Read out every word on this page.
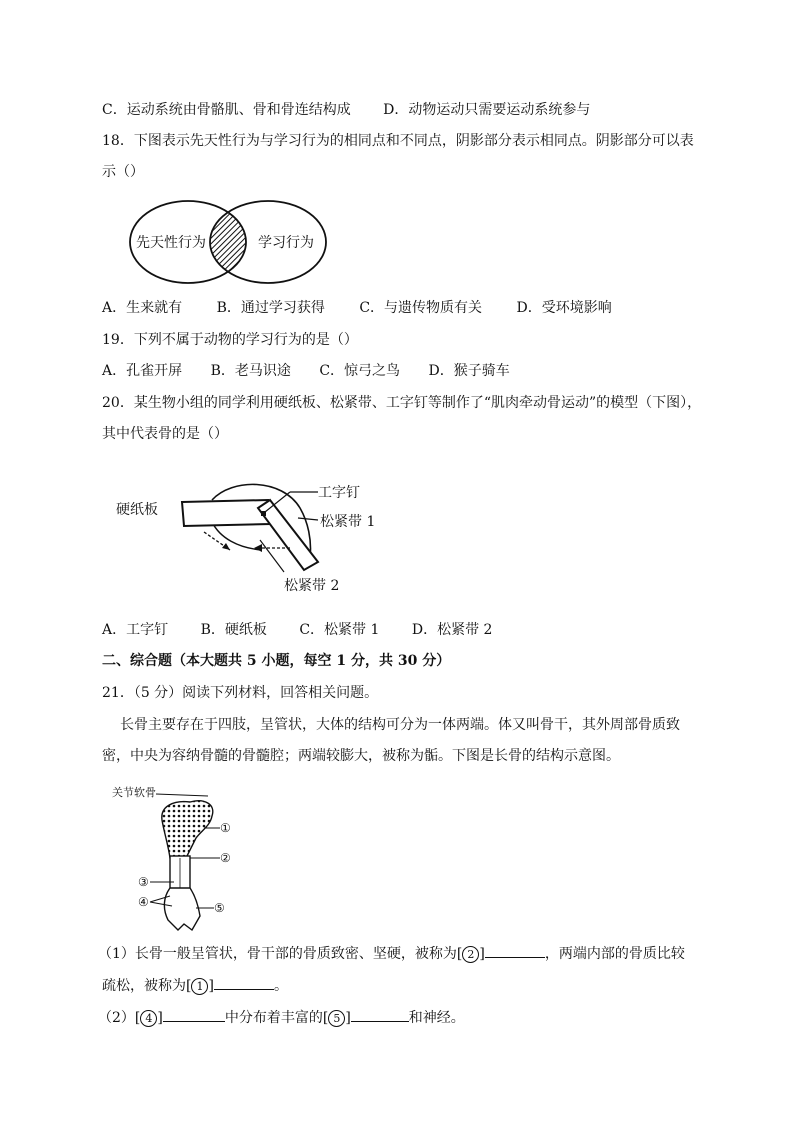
C．运动系统由骨骼肌、骨和骨连结构成 D．动物运动只需要运动系统参与
18．下图表示先天性行为与学习行为的相同点和不同点，阴影部分表示相同点。阴影部分可以表
示（）
先天性行为	学习行为
A．生来就有 B．通过学习获得 C．与遗传物质有关 D．受环境影响
19．下列不属于动物的学习行为的是（）
A．孔雀开屏 B．老马识途 C．惊弓之鸟 D．猴子骑车
20．某生物小组的同学利用硬纸板、松紧带、工字钉等制作了“肌肉牵动骨运动”的模型（下图），
其中代表骨的是（）
硬纸板
工字钉
松紧带 1
松紧带 2
A．工字钉 B．硬纸板 C．松紧带 1 D．松紧带 2
二、综合题（本大题共 5 小题，每空 1 分，共 30 分）
21．（5 分）阅读下列材料，回答相关问题。
长骨主要存在于四肢，呈管状，大体的结构可分为一体两端。体又叫骨干，其外周部骨质致
密，中央为容纳骨髓的骨髓腔；两端较膨大，被称为骺。下图是长骨的结构示意图。
关节软骨
①
②
③
④	⑤
（1）长骨一般呈管状，骨干部的骨质致密、坚硬，被称为[ 2 ]	，两端内部的骨质比较
疏松，被称为[ 1 ]	。
（2）[ 4 ]	中分布着丰富的[ 5 ]	和神经。
